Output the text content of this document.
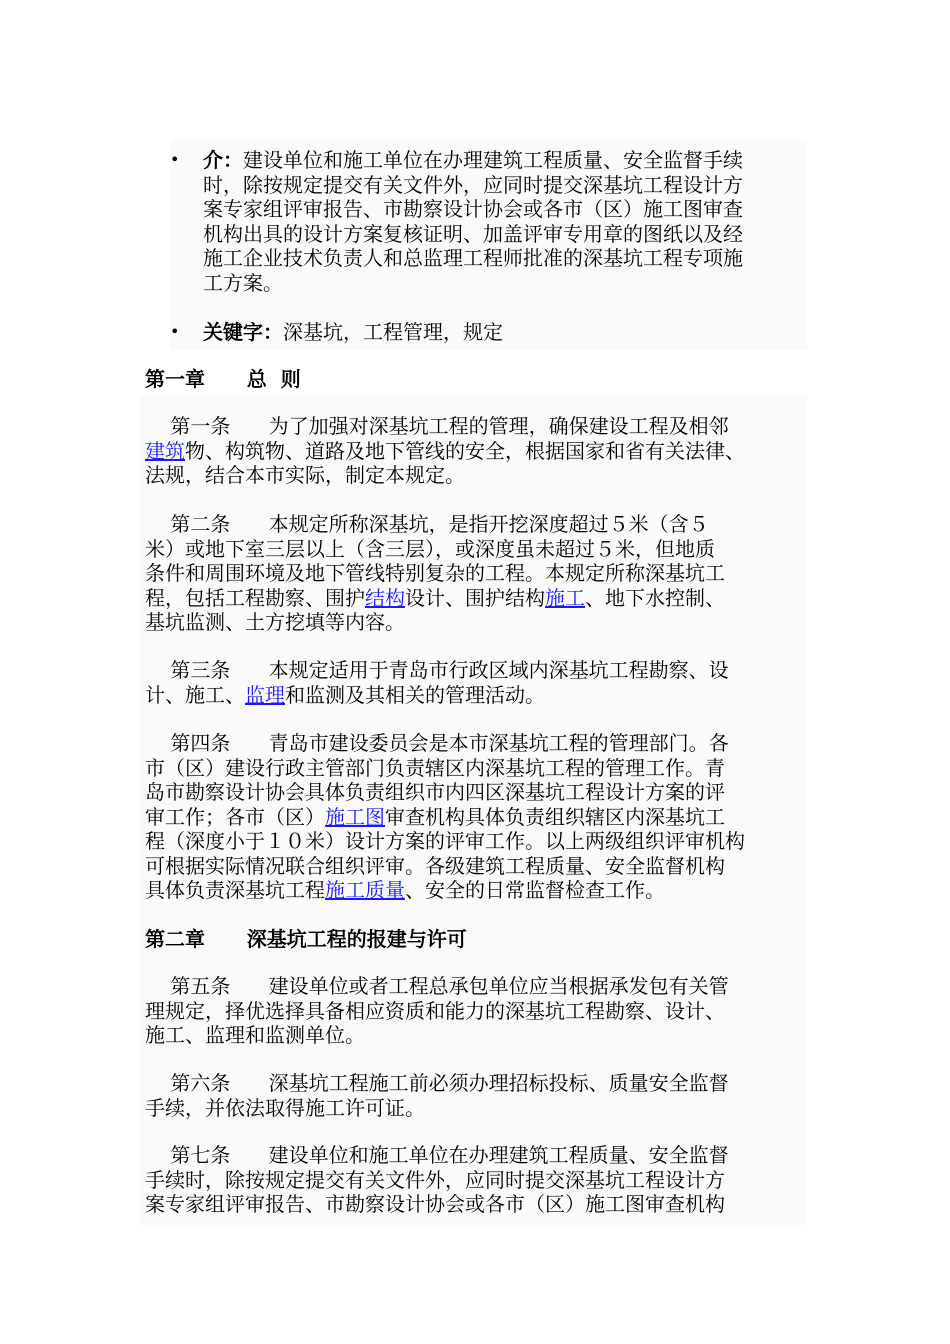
• 介：建设单位和施工单位在办理建筑工程质量、安全监督手续
时，除按规定提交有关文件外，应同时提交深基坑工程设计方
案专家组评审报告、市勘察设计协会或各市（区）施工图审查
机构出具的设计方案复核证明、加盖评审专用章的图纸以及经
施工企业技术负责人和总监理工程师批准的深基坑工程专项施
工方案。
• 关键字：深基坑，工程管理，规定
第一章      总  则
第一条      为了加强对深基坑工程的管理，确保建设工程及相邻
建筑物、构筑物、道路及地下管线的安全，根据国家和省有关法律、
法规，结合本市实际，制定本规定。
第二条      本规定所称深基坑，是指开挖深度超过５米（含５
米）或地下室三层以上（含三层），或深度虽未超过５米，但地质
条件和周围环境及地下管线特别复杂的工程。本规定所称深基坑工
程，包括工程勘察、围护结构设计、围护结构施工、地下水控制、
基坑监测、土方挖填等内容。
第三条      本规定适用于青岛市行政区域内深基坑工程勘察、设
计、施工、监理和监测及其相关的管理活动。
第四条      青岛市建设委员会是本市深基坑工程的管理部门。各
市（区）建设行政主管部门负责辖区内深基坑工程的管理工作。青
岛市勘察设计协会具体负责组织市内四区深基坑工程设计方案的评
审工作；各市（区）施工图审查机构具体负责组织辖区内深基坑工
程（深度小于１０米）设计方案的评审工作。以上两级组织评审机构
可根据实际情况联合组织评审。各级建筑工程质量、安全监督机构
具体负责深基坑工程施工质量、安全的日常监督检查工作。
第二章      深基坑工程的报建与许可
第五条      建设单位或者工程总承包单位应当根据承发包有关管
理规定，择优选择具备相应资质和能力的深基坑工程勘察、设计、
施工、监理和监测单位。
第六条      深基坑工程施工前必须办理招标投标、质量安全监督
手续，并依法取得施工许可证。
第七条      建设单位和施工单位在办理建筑工程质量、安全监督
手续时，除按规定提交有关文件外，应同时提交深基坑工程设计方
案专家组评审报告、市勘察设计协会或各市（区）施工图审查机构
